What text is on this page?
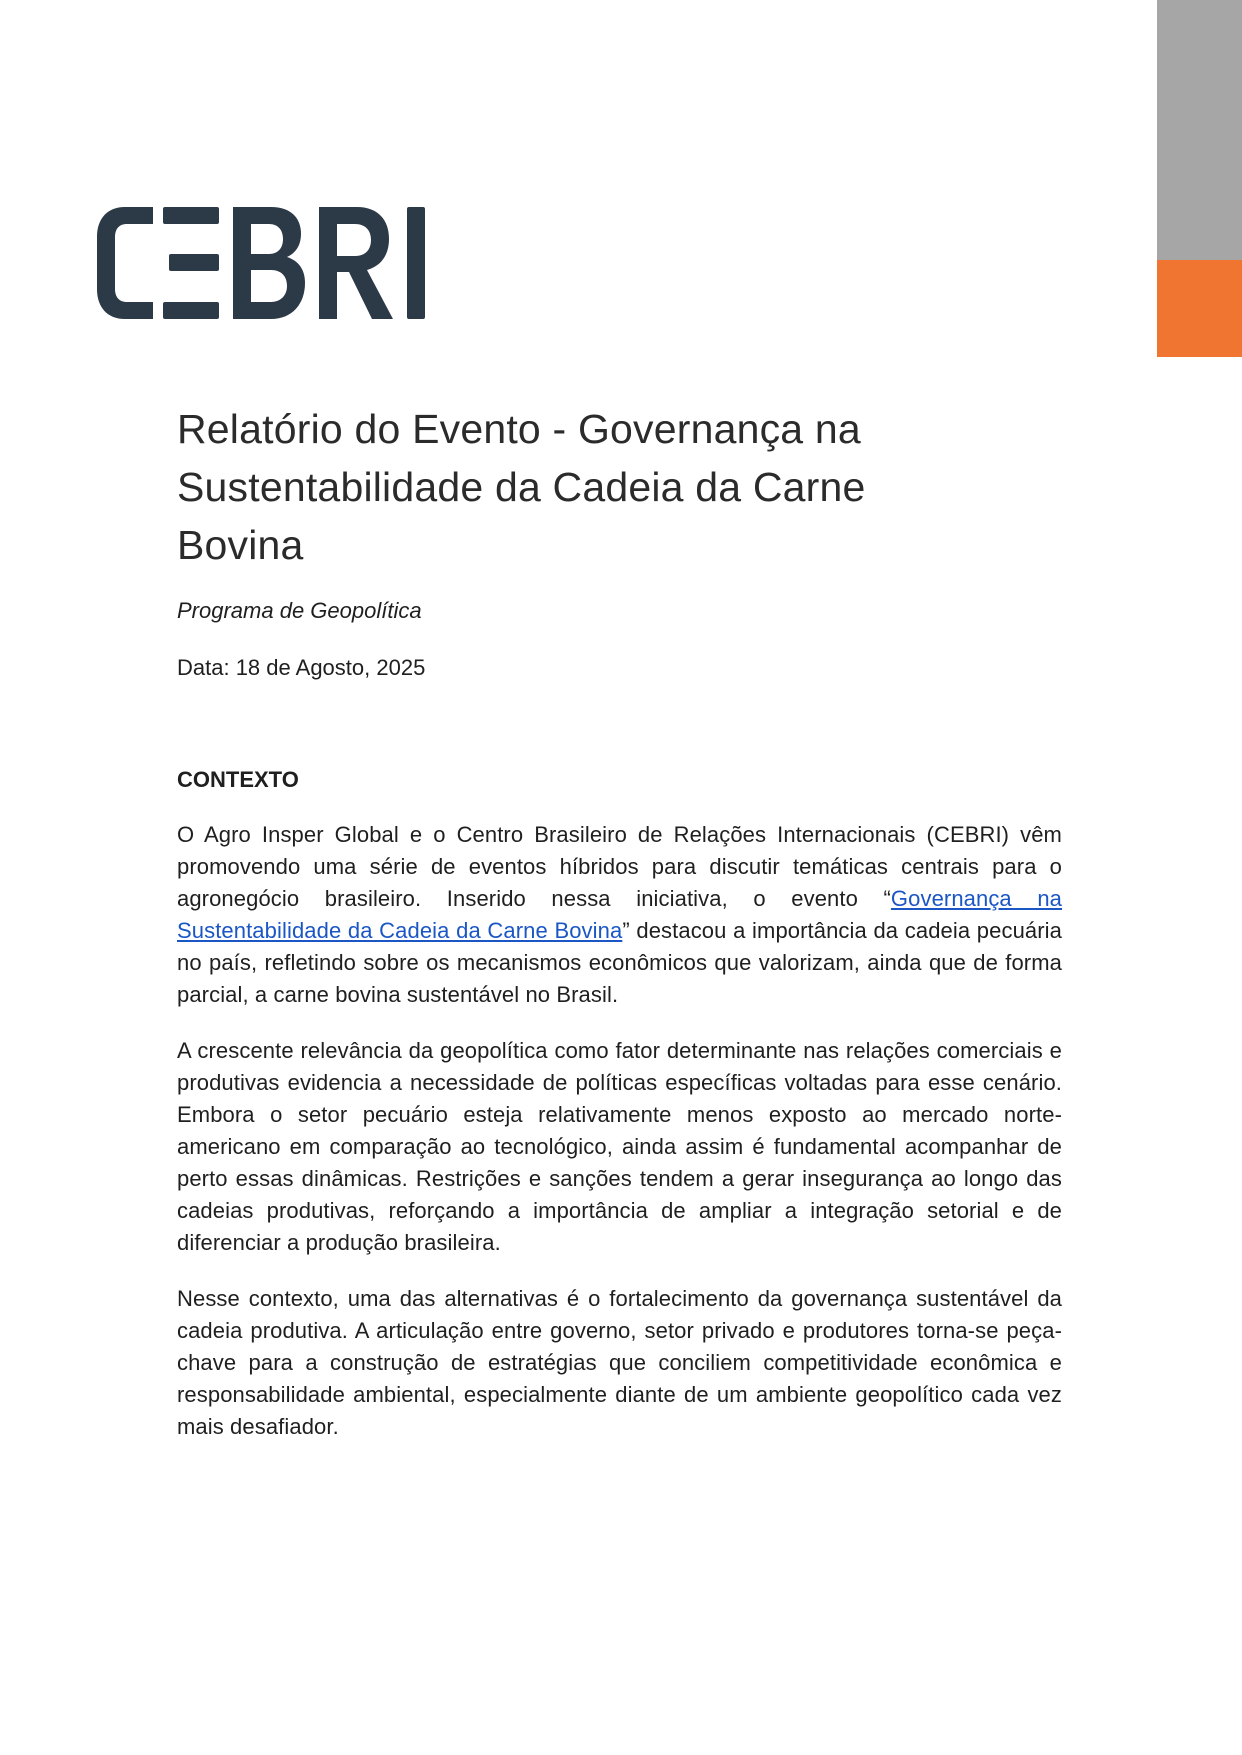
Relatório do Evento - Governança na Sustentabilidade da Cadeia da Carne Bovina

Programa de Geopolítica

Data: 18 de Agosto, 2025

CONTEXTO

O Agro Insper Global e o Centro Brasileiro de Relações Internacionais (CEBRI) vêm promovendo uma série de eventos híbridos para discutir temáticas centrais para o agronegócio brasileiro. Inserido nessa iniciativa, o evento “Governança na Sustentabilidade da Cadeia da Carne Bovina” destacou a importância da cadeia pecuária no país, refletindo sobre os mecanismos econômicos que valorizam, ainda que de forma parcial, a carne bovina sustentável no Brasil.

A crescente relevância da geopolítica como fator determinante nas relações comerciais e produtivas evidencia a necessidade de políticas específicas voltadas para esse cenário. Embora o setor pecuário esteja relativamente menos exposto ao mercado norte-americano em comparação ao tecnológico, ainda assim é fundamental acompanhar de perto essas dinâmicas. Restrições e sanções tendem a gerar insegurança ao longo das cadeias produtivas, reforçando a importância de ampliar a integração setorial e de diferenciar a produção brasileira.

Nesse contexto, uma das alternativas é o fortalecimento da governança sustentável da cadeia produtiva. A articulação entre governo, setor privado e produtores torna-se peça-chave para a construção de estratégias que conciliem competitividade econômica e responsabilidade ambiental, especialmente diante de um ambiente geopolítico cada vez mais desafiador.
